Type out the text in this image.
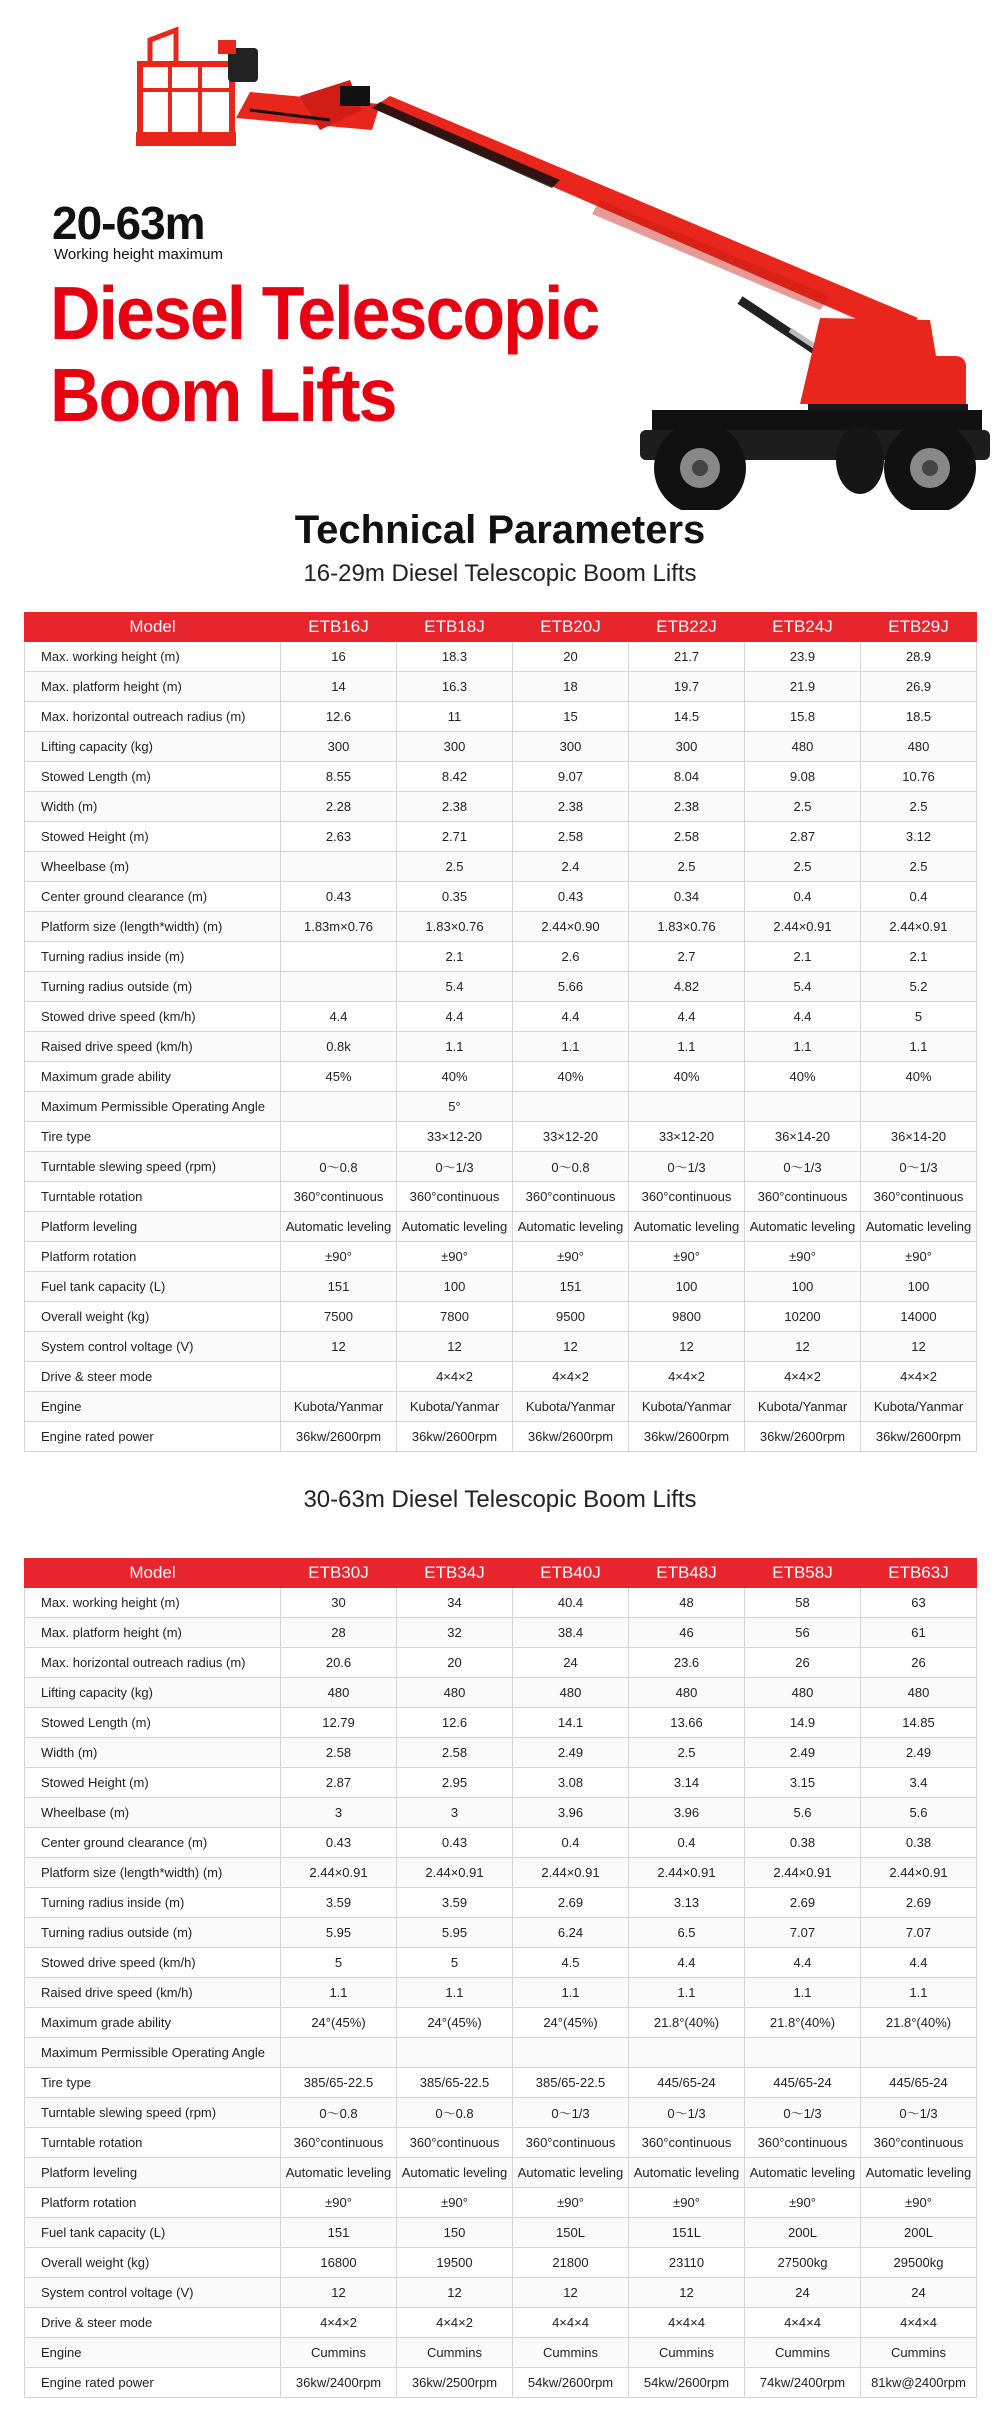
20-63m
Working height maximum
Diesel Telescopic
Boom Lifts
Technical Parameters
16-29m Diesel Telescopic Boom Lifts
Model	ETB16J	ETB18J	ETB20J	ETB22J	ETB24J	ETB29J
Max. working height (m)	16	18.3	20	21.7	23.9	28.9
Max. platform height (m)	14	16.3	18	19.7	21.9	26.9
Max. horizontal outreach radius (m)	12.6	11	15	14.5	15.8	18.5
Lifting capacity (kg)	300	300	300	300	480	480
Stowed Length (m)	8.55	8.42	9.07	8.04	9.08	10.76
Width (m)	2.28	2.38	2.38	2.38	2.5	2.5
Stowed Height (m)	2.63	2.71	2.58	2.58	2.87	3.12
Wheelbase (m)		2.5	2.4	2.5	2.5	2.5
Center ground clearance (m)	0.43	0.35	0.43	0.34	0.4	0.4
Platform size (length*width) (m)	1.83m×0.76	1.83×0.76	2.44×0.90	1.83×0.76	2.44×0.91	2.44×0.91
Turning radius inside (m)		2.1	2.6	2.7	2.1	2.1
Turning radius outside (m)		5.4	5.66	4.82	5.4	5.2
Stowed drive speed (km/h)	4.4	4.4	4.4	4.4	4.4	5
Raised drive speed (km/h)	0.8k	1.1	1.1	1.1	1.1	1.1
Maximum grade ability	45%	40%	40%	40%	40%	40%
Maximum Permissible Operating Angle		5°				
Tire type		33×12-20	33×12-20	33×12-20	36×14-20	36×14-20
Turntable slewing speed (rpm)	0～0.8	0～1/3	0～0.8	0～1/3	0～1/3	0～1/3
Turntable rotation	360°continuous	360°continuous	360°continuous	360°continuous	360°continuous	360°continuous
Platform leveling	Automatic leveling	Automatic leveling	Automatic leveling	Automatic leveling	Automatic leveling	Automatic leveling
Platform rotation	±90°	±90°	±90°	±90°	±90°	±90°
Fuel tank capacity (L)	151	100	151	100	100	100
Overall weight (kg)	7500	7800	9500	9800	10200	14000
System control voltage (V)	12	12	12	12	12	12
Drive & steer mode		4×4×2	4×4×2	4×4×2	4×4×2	4×4×2
Engine	Kubota/Yanmar	Kubota/Yanmar	Kubota/Yanmar	Kubota/Yanmar	Kubota/Yanmar	Kubota/Yanmar
Engine rated power	36kw/2600rpm	36kw/2600rpm	36kw/2600rpm	36kw/2600rpm	36kw/2600rpm	36kw/2600rpm
30-63m Diesel Telescopic Boom Lifts
Model	ETB30J	ETB34J	ETB40J	ETB48J	ETB58J	ETB63J
Max. working height (m)	30	34	40.4	48	58	63
Max. platform height (m)	28	32	38.4	46	56	61
Max. horizontal outreach radius (m)	20.6	20	24	23.6	26	26
Lifting capacity (kg)	480	480	480	480	480	480
Stowed Length (m)	12.79	12.6	14.1	13.66	14.9	14.85
Width (m)	2.58	2.58	2.49	2.5	2.49	2.49
Stowed Height (m)	2.87	2.95	3.08	3.14	3.15	3.4
Wheelbase (m)	3	3	3.96	3.96	5.6	5.6
Center ground clearance (m)	0.43	0.43	0.4	0.4	0.38	0.38
Platform size (length*width) (m)	2.44×0.91	2.44×0.91	2.44×0.91	2.44×0.91	2.44×0.91	2.44×0.91
Turning radius inside (m)	3.59	3.59	2.69	3.13	2.69	2.69
Turning radius outside (m)	5.95	5.95	6.24	6.5	7.07	7.07
Stowed drive speed (km/h)	5	5	4.5	4.4	4.4	4.4
Raised drive speed (km/h)	1.1	1.1	1.1	1.1	1.1	1.1
Maximum grade ability	24°(45%)	24°(45%)	24°(45%)	21.8°(40%)	21.8°(40%)	21.8°(40%)
Maximum Permissible Operating Angle						
Tire type	385/65-22.5	385/65-22.5	385/65-22.5	445/65-24	445/65-24	445/65-24
Turntable slewing speed (rpm)	0～0.8	0～0.8	0～1/3	0～1/3	0～1/3	0～1/3
Turntable rotation	360°continuous	360°continuous	360°continuous	360°continuous	360°continuous	360°continuous
Platform leveling	Automatic leveling	Automatic leveling	Automatic leveling	Automatic leveling	Automatic leveling	Automatic leveling
Platform rotation	±90°	±90°	±90°	±90°	±90°	±90°
Fuel tank capacity (L)	151	150	150L	151L	200L	200L
Overall weight (kg)	16800	19500	21800	23110	27500kg	29500kg
System control voltage (V)	12	12	12	12	24	24
Drive & steer mode	4×4×2	4×4×2	4×4×4	4×4×4	4×4×4	4×4×4
Engine	Cummins	Cummins	Cummins	Cummins	Cummins	Cummins
Engine rated power	36kw/2400rpm	36kw/2500rpm	54kw/2600rpm	54kw/2600rpm	74kw/2400rpm	81kw@2400rpm
